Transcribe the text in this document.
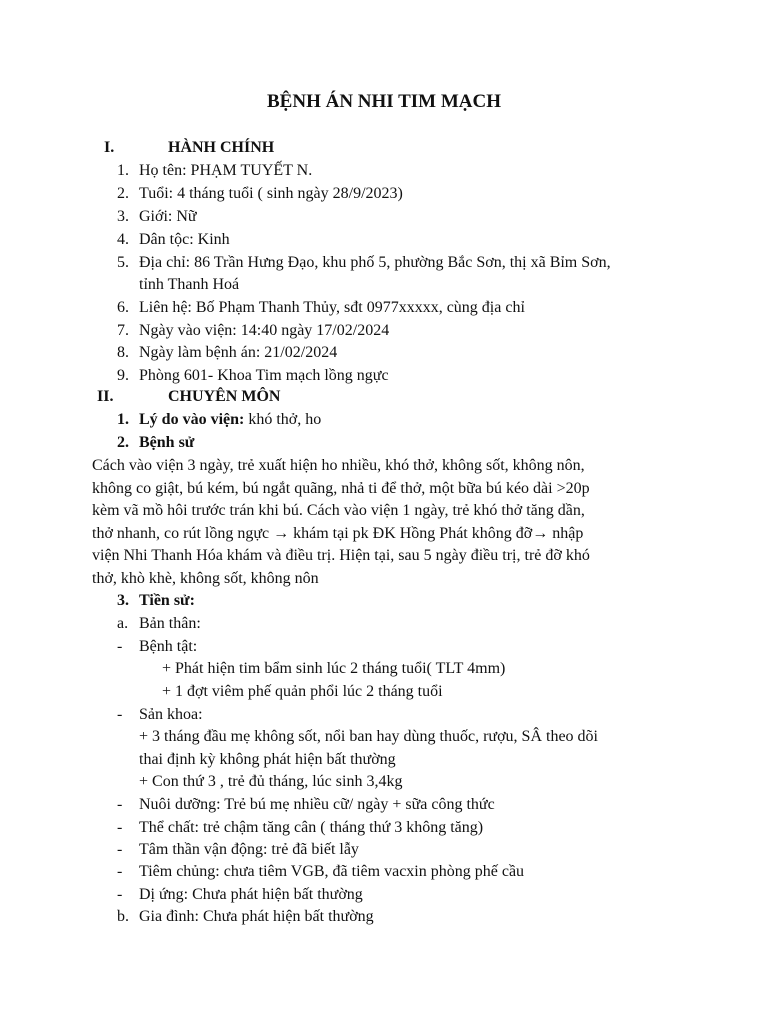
BỆNH ÁN NHI TIM MẠCH
I.	HÀNH CHÍNH
1. Họ tên: PHẠM TUYẾT N.
2. Tuổi: 4 tháng tuổi ( sinh ngày 28/9/2023)
3. Giới: Nữ
4. Dân tộc: Kinh
5. Địa chỉ: 86 Trần Hưng Đạo, khu phố 5, phường Bắc Sơn, thị xã Bỉm Sơn,
tỉnh Thanh Hoá
6. Liên hệ: Bố Phạm Thanh Thủy, sđt 0977xxxxx, cùng địa chỉ
7. Ngày vào viện: 14:40 ngày 17/02/2024
8. Ngày làm bệnh án: 21/02/2024
9. Phòng 601- Khoa Tim mạch lồng ngực
II.	CHUYÊN MÔN
1. Lý do vào viện: khó thở, ho
2. Bệnh sử
Cách vào viện 3 ngày, trẻ xuất hiện ho nhiều, khó thở, không sốt, không nôn,
không co giật, bú kém, bú ngắt quãng, nhả ti để thở, một bữa bú kéo dài >20p
kèm vã mồ hôi trước trán khi bú. Cách vào viện 1 ngày, trẻ khó thở tăng dần,
thở nhanh, co rút lồng ngực → khám tại pk ĐK Hồng Phát không đỡ→ nhập
viện Nhi Thanh Hóa khám và điều trị. Hiện tại, sau 5 ngày điều trị, trẻ đỡ khó
thở, khò khè, không sốt, không nôn
3. Tiền sử:
a. Bản thân:
- Bệnh tật:
+ Phát hiện tim bẩm sinh lúc 2 tháng tuổi( TLT 4mm)
+ 1 đợt viêm phế quản phổi lúc 2 tháng tuổi
- Sản khoa:
+ 3 tháng đầu mẹ không sốt, nổi ban hay dùng thuốc, rượu, SÂ theo dõi
thai định kỳ không phát hiện bất thường
+ Con thứ 3 , trẻ đủ tháng, lúc sinh 3,4kg
- Nuôi dưỡng: Trẻ bú mẹ nhiều cữ/ ngày + sữa công thức
- Thể chất: trẻ chậm tăng cân ( tháng thứ 3 không tăng)
- Tâm thần vận động: trẻ đã biết lẫy
- Tiêm chủng: chưa tiêm VGB, đã tiêm vacxin phòng phế cầu
- Dị ứng: Chưa phát hiện bất thường
b. Gia đình: Chưa phát hiện bất thường
